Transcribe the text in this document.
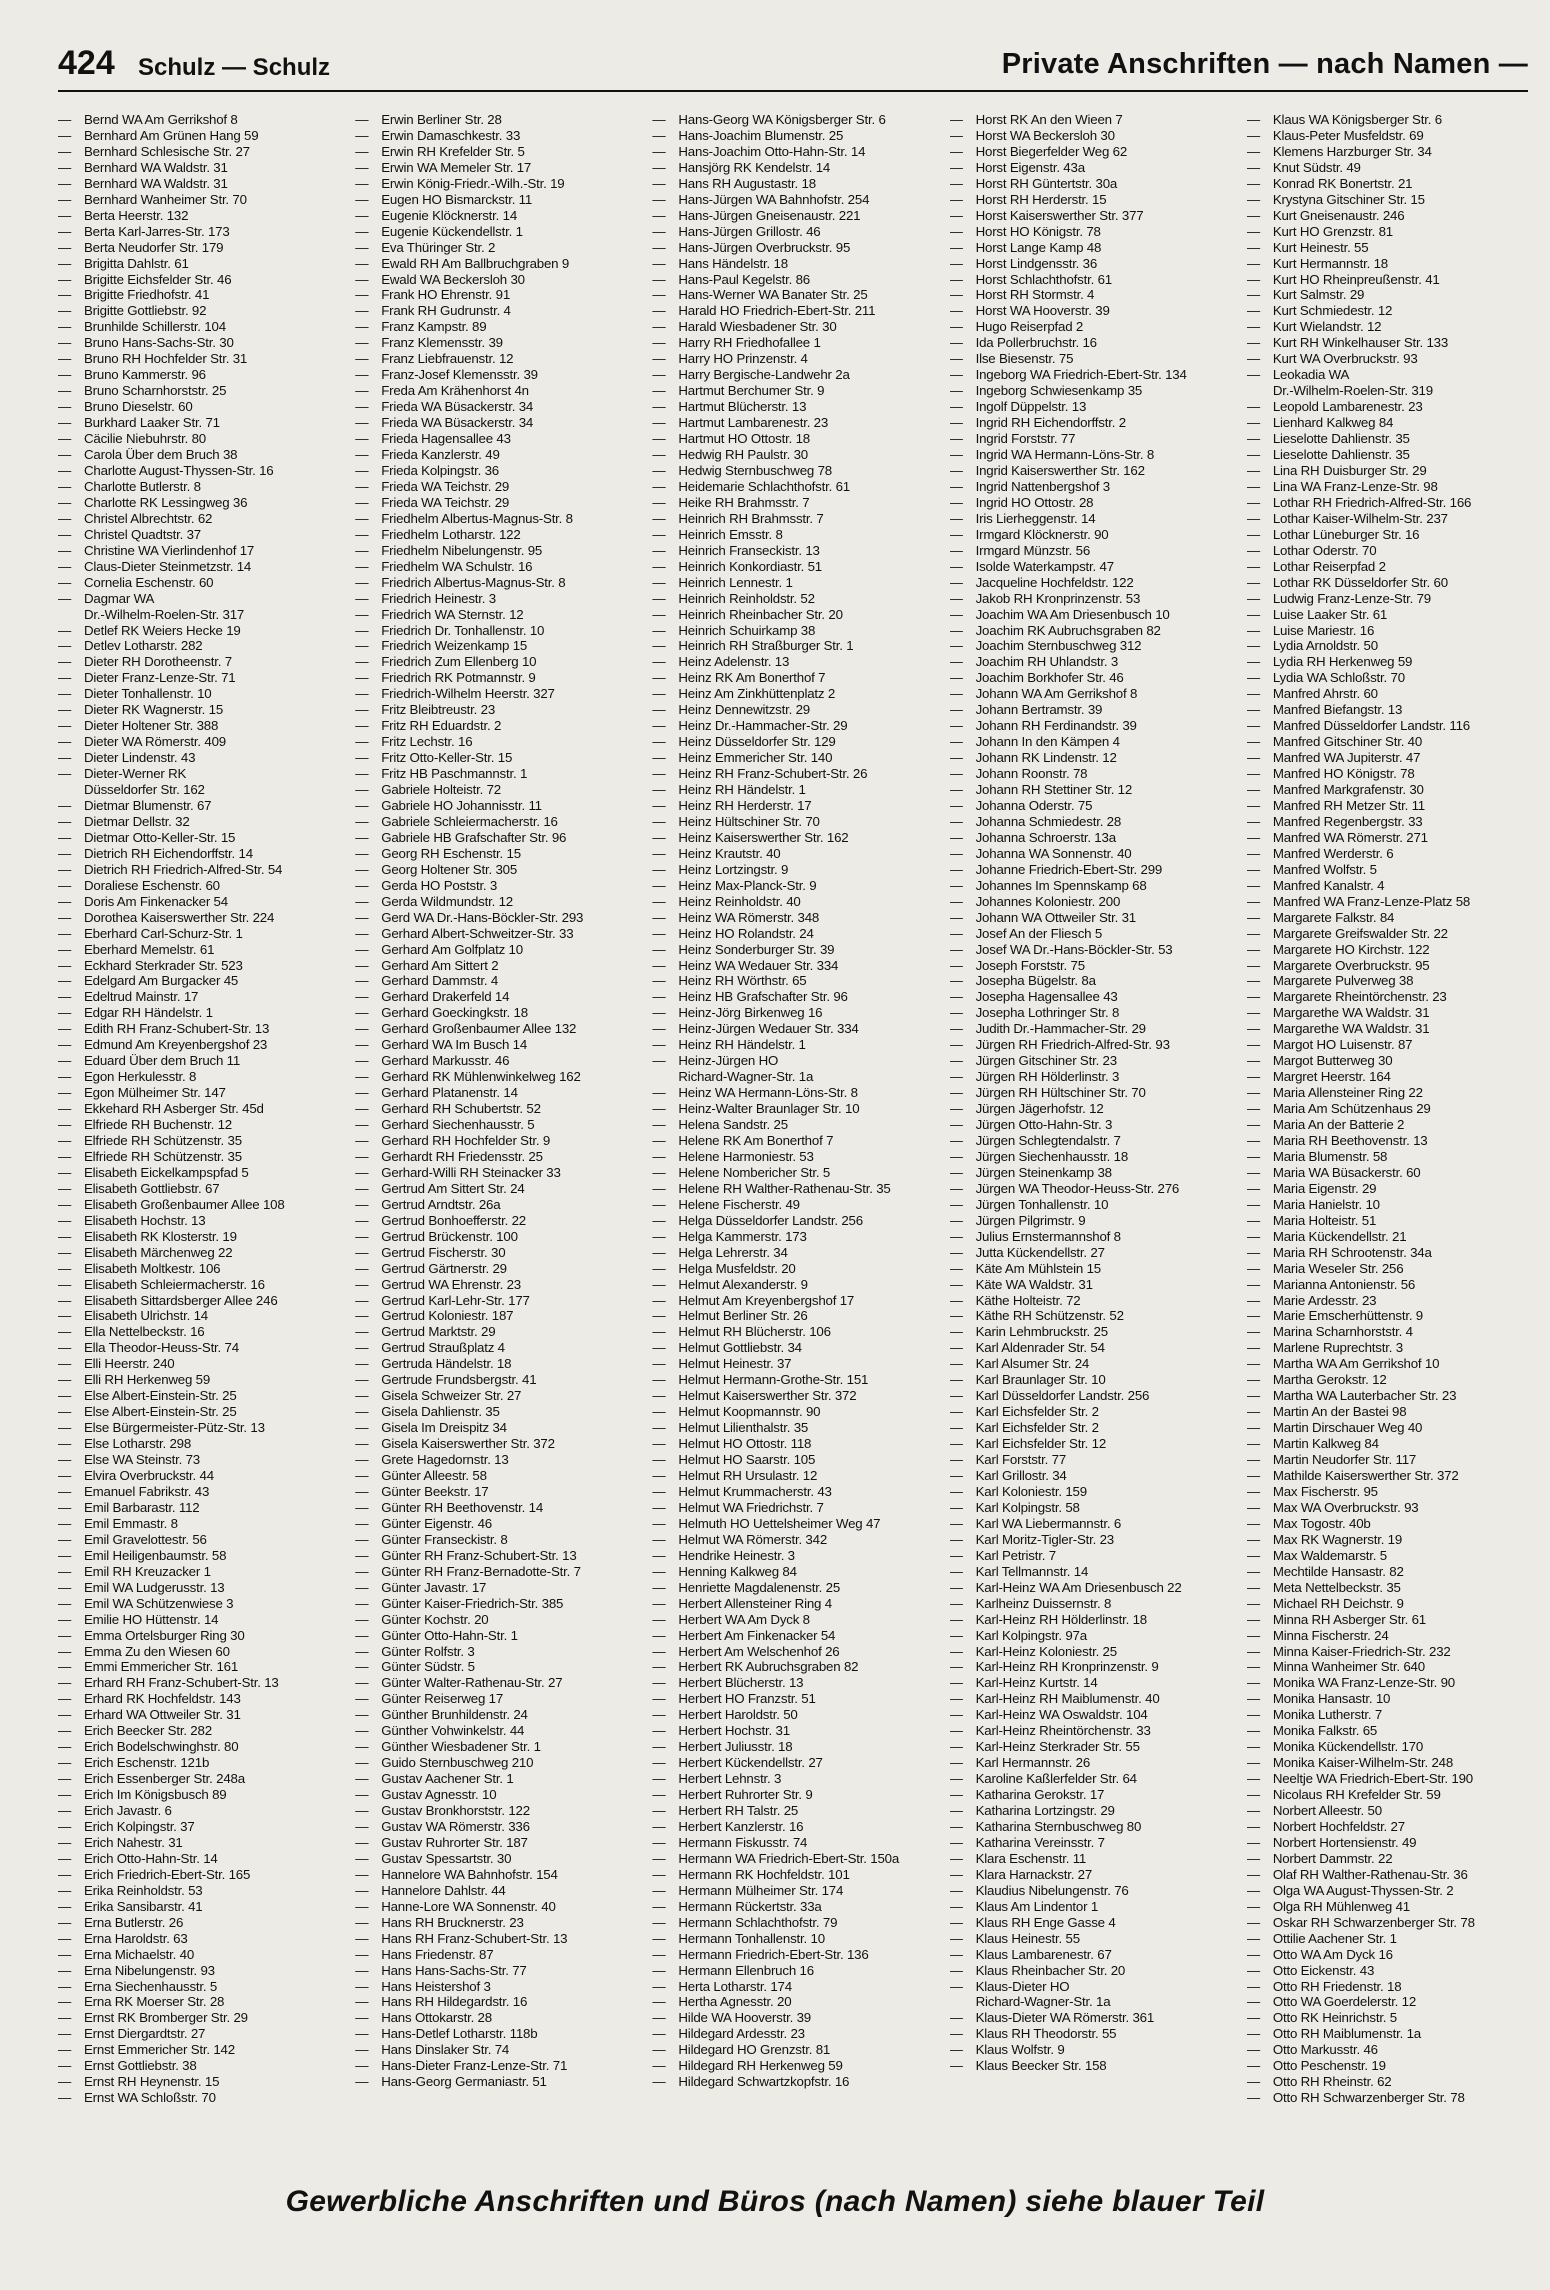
424 Schulz — Schulz	Private Anschriften — nach Namen —
— Bernd WA Am Gerrikshof 8
— Bernhard Am Grünen Hang 59
— Bernhard Schlesische Str. 27
— Bernhard WA Waldstr. 31
— Bernhard WA Waldstr. 31
— Bernhard Wanheimer Str. 70
— Berta Heerstr. 132
— Berta Karl-Jarres-Str. 173
— Berta Neudorfer Str. 179
— Brigitta Dahlstr. 61
— Brigitte Eichsfelder Str. 46
— Brigitte Friedhofstr. 41
— Brigitte Gottliebstr. 92
— Brunhilde Schillerstr. 104
— Bruno Hans-Sachs-Str. 30
— Bruno RH Hochfelder Str. 31
— Bruno Kammerstr. 96
— Bruno Scharnhorststr. 25
— Bruno Dieselstr. 60
— Burkhard Laaker Str. 71
— Cäcilie Niebuhrstr. 80
— Carola Über dem Bruch 38
— Charlotte August-Thyssen-Str. 16
— Charlotte Butlerstr. 8
— Charlotte RK Lessingweg 36
— Christel Albrechtstr. 62
— Christel Quadtstr. 37
— Christine WA Vierlindenhof 17
— Claus-Dieter Steinmetzstr. 14
— Cornelia Eschenstr. 60
— Dagmar WA
Dr.-Wilhelm-Roelen-Str. 317
— Detlef RK Weiers Hecke 19
— Detlev Lotharstr. 282
— Dieter RH Dorotheenstr. 7
— Dieter Franz-Lenze-Str. 71
— Dieter Tonhallenstr. 10
— Dieter RK Wagnerstr. 15
— Dieter Holtener Str. 388
— Dieter WA Römerstr. 409
— Dieter Lindenstr. 43
— Dieter-Werner RK
Düsseldorfer Str. 162
— Dietmar Blumenstr. 67
— Dietmar Dellstr. 32
— Dietmar Otto-Keller-Str. 15
— Dietrich RH Eichendorffstr. 14
— Dietrich RH Friedrich-Alfred-Str. 54
— Doraliese Eschenstr. 60
— Doris Am Finkenacker 54
— Dorothea Kaiserswerther Str. 224
— Eberhard Carl-Schurz-Str. 1
— Eberhard Memelstr. 61
— Eckhard Sterkrader Str. 523
— Edelgard Am Burgacker 45
— Edeltrud Mainstr. 17
— Edgar RH Händelstr. 1
— Edith RH Franz-Schubert-Str. 13
— Edmund Am Kreyenbergshof 23
— Eduard Über dem Bruch 11
— Egon Herkulesstr. 8
— Egon Mülheimer Str. 147
— Ekkehard RH Asberger Str. 45d
— Elfriede RH Buchenstr. 12
— Elfriede RH Schützenstr. 35
— Elfriede RH Schützenstr. 35
— Elisabeth Eickelkampspfad 5
— Elisabeth Gottliebstr. 67
— Elisabeth Großenbaumer Allee 108
— Elisabeth Hochstr. 13
— Elisabeth RK Klosterstr. 19
— Elisabeth Märchenweg 22
— Elisabeth Moltkestr. 106
— Elisabeth Schleiermacherstr. 16
— Elisabeth Sittardsberger Allee 246
— Elisabeth Ulrichstr. 14
— Ella Nettelbeckstr. 16
— Ella Theodor-Heuss-Str. 74
— Elli Heerstr. 240
— Elli RH Herkenweg 59
— Else Albert-Einstein-Str. 25
— Else Albert-Einstein-Str. 25
— Else Bürgermeister-Pütz-Str. 13
— Else Lotharstr. 298
— Else WA Steinstr. 73
— Elvira Overbruckstr. 44
— Emanuel Fabrikstr. 43
— Emil Barbarastr. 112
— Emil Emmastr. 8
— Emil Gravelottestr. 56
— Emil Heiligenbaumstr. 58
— Emil RH Kreuzacker 1
— Emil WA Ludgerusstr. 13
— Emil WA Schützenwiese 3
— Emilie HO Hüttenstr. 14
— Emma Ortelsburger Ring 30
— Emma Zu den Wiesen 60
— Emmi Emmericher Str. 161
— Erhard RH Franz-Schubert-Str. 13
— Erhard RK Hochfeldstr. 143
— Erhard WA Ottweiler Str. 31
— Erich Beecker Str. 282
— Erich Bodelschwinghstr. 80
— Erich Eschenstr. 121b
— Erich Essenberger Str. 248a
— Erich Im Königsbusch 89
— Erich Javastr. 6
— Erich Kolpingstr. 37
— Erich Nahestr. 31
— Erich Otto-Hahn-Str. 14
— Erich Friedrich-Ebert-Str. 165
— Erika Reinholdstr. 53
— Erika Sansibarstr. 41
— Erna Butlerstr. 26
— Erna Haroldstr. 63
— Erna Michaelstr. 40
— Erna Nibelungenstr. 93
— Erna Siechenhausstr. 5
— Erna RK Moerser Str. 28
— Ernst RK Bromberger Str. 29
— Ernst Diergardtstr. 27
— Ernst Emmericher Str. 142
— Ernst Gottliebstr. 38
— Ernst RH Heynenstr. 15
— Ernst WA Schloßstr. 70
— Erwin Berliner Str. 28
— Erwin Damaschkestr. 33
— Erwin RH Krefelder Str. 5
— Erwin WA Memeler Str. 17
— Erwin König-Friedr.-Wilh.-Str. 19
— Eugen HO Bismarckstr. 11
— Eugenie Klöcknerstr. 14
— Eugenie Kückendellstr. 1
— Eva Thüringer Str. 2
— Ewald RH Am Ballbruchgraben 9
— Ewald WA Beckersloh 30
— Frank HO Ehrenstr. 91
— Frank RH Gudrunstr. 4
— Franz Kampstr. 89
— Franz Klemensstr. 39
— Franz Liebfrauenstr. 12
— Franz-Josef Klemensstr. 39
— Freda Am Krähenhorst 4n
— Frieda WA Büsackerstr. 34
— Frieda WA Büsackerstr. 34
— Frieda Hagensallee 43
— Frieda Kanzlerstr. 49
— Frieda Kolpingstr. 36
— Frieda WA Teichstr. 29
— Frieda WA Teichstr. 29
— Friedhelm Albertus-Magnus-Str. 8
— Friedhelm Lotharstr. 122
— Friedhelm Nibelungenstr. 95
— Friedhelm WA Schulstr. 16
— Friedrich Albertus-Magnus-Str. 8
— Friedrich Heinestr. 3
— Friedrich WA Sternstr. 12
— Friedrich Dr. Tonhallenstr. 10
— Friedrich Weizenkamp 15
— Friedrich Zum Ellenberg 10
— Friedrich RK Potmannstr. 9
— Friedrich-Wilhelm Heerstr. 327
— Fritz Bleibtreustr. 23
— Fritz RH Eduardstr. 2
— Fritz Lechstr. 16
— Fritz Otto-Keller-Str. 15
— Fritz HB Paschmannstr. 1
— Gabriele Holteistr. 72
— Gabriele HO Johannisstr. 11
— Gabriele Schleiermacherstr. 16
— Gabriele HB Grafschafter Str. 96
— Georg RH Eschenstr. 15
— Georg Holtener Str. 305
— Gerda HO Poststr. 3
— Gerda Wildmundstr. 12
— Gerd WA Dr.-Hans-Böckler-Str. 293
— Gerhard Albert-Schweitzer-Str. 33
— Gerhard Am Golfplatz 10
— Gerhard Am Sittert 2
— Gerhard Dammstr. 4
— Gerhard Drakerfeld 14
— Gerhard Goeckingkstr. 18
— Gerhard Großenbaumer Allee 132
— Gerhard WA Im Busch 14
— Gerhard Markusstr. 46
— Gerhard RK Mühlenwinkelweg 162
— Gerhard Platanenstr. 14
— Gerhard RH Schubertstr. 52
— Gerhard Siechenhausstr. 5
— Gerhard RH Hochfelder Str. 9
— Gerhardt RH Friedensstr. 25
— Gerhard-Willi RH Steinacker 33
— Gertrud Am Sittert Str. 24
— Gertrud Arndtstr. 26a
— Gertrud Bonhoefferstr. 22
— Gertrud Brückenstr. 100
— Gertrud Fischerstr. 30
— Gertrud Gärtnerstr. 29
— Gertrud WA Ehrenstr. 23
— Gertrud Karl-Lehr-Str. 177
— Gertrud Koloniestr. 187
— Gertrud Marktstr. 29
— Gertrud Straußplatz 4
— Gertruda Händelstr. 18
— Gertrude Frundsbergstr. 41
— Gisela Schweizer Str. 27
— Gisela Dahlienstr. 35
— Gisela Im Dreispitz 34
— Gisela Kaiserswerther Str. 372
— Grete Hagedornstr. 13
— Günter Alleestr. 58
— Günter Beekstr. 17
— Günter RH Beethovenstr. 14
— Günter Eigenstr. 46
— Günter Franseckistr. 8
— Günter RH Franz-Schubert-Str. 13
— Günter RH Franz-Bernadotte-Str. 7
— Günter Javastr. 17
— Günter Kaiser-Friedrich-Str. 385
— Günter Kochstr. 20
— Günter Otto-Hahn-Str. 1
— Günter Rolfstr. 3
— Günter Südstr. 5
— Günter Walter-Rathenau-Str. 27
— Günter Reiserweg 17
— Günther Brunhildenstr. 24
— Günther Vohwinkelstr. 44
— Günther Wiesbadener Str. 1
— Guido Sternbuschweg 210
— Gustav Aachener Str. 1
— Gustav Agnesstr. 10
— Gustav Bronkhorststr. 122
— Gustav WA Römerstr. 336
— Gustav Ruhrorter Str. 187
— Gustav Spessartstr. 30
— Hannelore WA Bahnhofstr. 154
— Hannelore Dahlstr. 44
— Hanne-Lore WA Sonnenstr. 40
— Hans RH Brucknerstr. 23
— Hans RH Franz-Schubert-Str. 13
— Hans Friedenstr. 87
— Hans Hans-Sachs-Str. 77
— Hans Heistershof 3
— Hans RH Hildegardstr. 16
— Hans Ottokarstr. 28
— Hans-Detlef Lotharstr. 118b
— Hans Dinslaker Str. 74
— Hans-Dieter Franz-Lenze-Str. 71
— Hans-Georg Germaniastr. 51
— Hans-Georg WA Königsberger Str. 6
— Hans-Joachim Blumenstr. 25
— Hans-Joachim Otto-Hahn-Str. 14
— Hansjörg RK Kendelstr. 14
— Hans RH Augustastr. 18
— Hans-Jürgen WA Bahnhofstr. 254
— Hans-Jürgen Gneisenaustr. 221
— Hans-Jürgen Grillostr. 46
— Hans-Jürgen Overbruckstr. 95
— Hans Händelstr. 18
— Hans-Paul Kegelstr. 86
— Hans-Werner WA Banater Str. 25
— Harald HO Friedrich-Ebert-Str. 211
— Harald Wiesbadener Str. 30
— Harry RH Friedhofallee 1
— Harry HO Prinzenstr. 4
— Harry Bergische-Landwehr 2a
— Hartmut Berchumer Str. 9
— Hartmut Blücherstr. 13
— Hartmut Lambarenestr. 23
— Hartmut HO Ottostr. 18
— Hedwig RH Paulstr. 30
— Hedwig Sternbuschweg 78
— Heidemarie Schlachthofstr. 61
— Heike RH Brahmsstr. 7
— Heinrich RH Brahmsstr. 7
— Heinrich Emsstr. 8
— Heinrich Franseckistr. 13
— Heinrich Konkordiastr. 51
— Heinrich Lennestr. 1
— Heinrich Reinholdstr. 52
— Heinrich Rheinbacher Str. 20
— Heinrich Schuirkamp 38
— Heinrich RH Straßburger Str. 1
— Heinz Adelenstr. 13
— Heinz RK Am Bonerthof 7
— Heinz Am Zinkhüttenplatz 2
— Heinz Dennewitzstr. 29
— Heinz Dr.-Hammacher-Str. 29
— Heinz Düsseldorfer Str. 129
— Heinz Emmericher Str. 140
— Heinz RH Franz-Schubert-Str. 26
— Heinz RH Händelstr. 1
— Heinz RH Herderstr. 17
— Heinz Hültschiner Str. 70
— Heinz Kaiserswerther Str. 162
— Heinz Krautstr. 40
— Heinz Lortzingstr. 9
— Heinz Max-Planck-Str. 9
— Heinz Reinholdstr. 40
— Heinz WA Römerstr. 348
— Heinz HO Rolandstr. 24
— Heinz Sonderburger Str. 39
— Heinz WA Wedauer Str. 334
— Heinz RH Wörthstr. 65
— Heinz HB Grafschafter Str. 96
— Heinz-Jörg Birkenweg 16
— Heinz-Jürgen Wedauer Str. 334
— Heinz RH Händelstr. 1
— Heinz-Jürgen HO
Richard-Wagner-Str. 1a
— Heinz WA Hermann-Löns-Str. 8
— Heinz-Walter Braunlager Str. 10
— Helena Sandstr. 25
— Helene RK Am Bonerthof 7
— Helene Harmoniestr. 53
— Helene Nombericher Str. 5
— Helene RH Walther-Rathenau-Str. 35
— Helene Fischerstr. 49
— Helga Düsseldorfer Landstr. 256
— Helga Kammerstr. 173
— Helga Lehrerstr. 34
— Helga Musfeldstr. 20
— Helmut Alexanderstr. 9
— Helmut Am Kreyenbergshof 17
— Helmut Berliner Str. 26
— Helmut RH Blücherstr. 106
— Helmut Gottliebstr. 34
— Helmut Heinestr. 37
— Helmut Hermann-Grothe-Str. 151
— Helmut Kaiserswerther Str. 372
— Helmut Koopmannstr. 90
— Helmut Lilienthalstr. 35
— Helmut HO Ottostr. 118
— Helmut HO Saarstr. 105
— Helmut RH Ursulastr. 12
— Helmut Krummacherstr. 43
— Helmut WA Friedrichstr. 7
— Helmuth HO Uettelsheimer Weg 47
— Helmut WA Römerstr. 342
— Hendrike Heinestr. 3
— Henning Kalkweg 84
— Henriette Magdalenenstr. 25
— Herbert Allensteiner Ring 4
— Herbert WA Am Dyck 8
— Herbert Am Finkenacker 54
— Herbert Am Welschenhof 26
— Herbert RK Aubruchsgraben 82
— Herbert Blücherstr. 13
— Herbert HO Franzstr. 51
— Herbert Haroldstr. 50
— Herbert Hochstr. 31
— Herbert Juliusstr. 18
— Herbert Kückendellstr. 27
— Herbert Lehnstr. 3
— Herbert Ruhrorter Str. 9
— Herbert RH Talstr. 25
— Herbert Kanzlerstr. 16
— Hermann Fiskusstr. 74
— Hermann WA Friedrich-Ebert-Str. 150a
— Hermann RK Hochfeldstr. 101
— Hermann Mülheimer Str. 174
— Hermann Rückertstr. 33a
— Hermann Schlachthofstr. 79
— Hermann Tonhallenstr. 10
— Hermann Friedrich-Ebert-Str. 136
— Hermann Ellenbruch 16
— Herta Lotharstr. 174
— Hertha Agnesstr. 20
— Hilde WA Hooverstr. 39
— Hildegard Ardesstr. 23
— Hildegard HO Grenzstr. 81
— Hildegard RH Herkenweg 59
— Hildegard Schwartzkopfstr. 16
— Horst RK An den Wieen 7
— Horst WA Beckersloh 30
— Horst Biegerfelder Weg 62
— Horst Eigenstr. 43a
— Horst RH Güntertstr. 30a
— Horst RH Herderstr. 15
— Horst Kaiserswerther Str. 377
— Horst HO Königstr. 78
— Horst Lange Kamp 48
— Horst Lindgensstr. 36
— Horst Schlachthofstr. 61
— Horst RH Stormstr. 4
— Horst WA Hooverstr. 39
— Hugo Reiserpfad 2
— Ida Pollerbruchstr. 16
— Ilse Biesenstr. 75
— Ingeborg WA Friedrich-Ebert-Str. 134
— Ingeborg Schwiesenkamp 35
— Ingolf Düppelstr. 13
— Ingrid RH Eichendorffstr. 2
— Ingrid Forststr. 77
— Ingrid WA Hermann-Löns-Str. 8
— Ingrid Kaiserswerther Str. 162
— Ingrid Nattenbergshof 3
— Ingrid HO Ottostr. 28
— Iris Lierheggenstr. 14
— Irmgard Klöcknerstr. 90
— Irmgard Münzstr. 56
— Isolde Waterkampstr. 47
— Jacqueline Hochfeldstr. 122
— Jakob RH Kronprinzenstr. 53
— Joachim WA Am Driesenbusch 10
— Joachim RK Aubruchsgraben 82
— Joachim Sternbuschweg 312
— Joachim RH Uhlandstr. 3
— Joachim Borkhofer Str. 46
— Johann WA Am Gerrikshof 8
— Johann Bertramstr. 39
— Johann RH Ferdinandstr. 39
— Johann In den Kämpen 4
— Johann RK Lindenstr. 12
— Johann Roonstr. 78
— Johann RH Stettiner Str. 12
— Johanna Oderstr. 75
— Johanna Schmiedestr. 28
— Johanna Schroerstr. 13a
— Johanna WA Sonnenstr. 40
— Johanne Friedrich-Ebert-Str. 299
— Johannes Im Spennskamp 68
— Johannes Koloniestr. 200
— Johann WA Ottweiler Str. 31
— Josef An der Fliesch 5
— Josef WA Dr.-Hans-Böckler-Str. 53
— Joseph Forststr. 75
— Josepha Bügelstr. 8a
— Josepha Hagensallee 43
— Josepha Lothringer Str. 8
— Judith Dr.-Hammacher-Str. 29
— Jürgen RH Friedrich-Alfred-Str. 93
— Jürgen Gitschiner Str. 23
— Jürgen RH Hölderlinstr. 3
— Jürgen RH Hültschiner Str. 70
— Jürgen Jägerhofstr. 12
— Jürgen Otto-Hahn-Str. 3
— Jürgen Schlegtendalstr. 7
— Jürgen Siechenhausstr. 18
— Jürgen Steinenkamp 38
— Jürgen WA Theodor-Heuss-Str. 276
— Jürgen Tonhallenstr. 10
— Jürgen Pilgrimstr. 9
— Julius Ernstermannshof 8
— Jutta Kückendellstr. 27
— Käte Am Mühlstein 15
— Käte WA Waldstr. 31
— Käthe Holteistr. 72
— Käthe RH Schützenstr. 52
— Karin Lehmbruckstr. 25
— Karl Aldenrader Str. 54
— Karl Alsumer Str. 24
— Karl Braunlager Str. 10
— Karl Düsseldorfer Landstr. 256
— Karl Eichsfelder Str. 2
— Karl Eichsfelder Str. 2
— Karl Eichsfelder Str. 12
— Karl Forststr. 77
— Karl Grillostr. 34
— Karl Koloniestr. 159
— Karl Kolpingstr. 58
— Karl WA Liebermannstr. 6
— Karl Moritz-Tigler-Str. 23
— Karl Petristr. 7
— Karl Tellmannstr. 14
— Karl-Heinz WA Am Driesenbusch 22
— Karlheinz Duissernstr. 8
— Karl-Heinz RH Hölderlinstr. 18
— Karl Kolpingstr. 97a
— Karl-Heinz Koloniestr. 25
— Karl-Heinz RH Kronprinzenstr. 9
— Karl-Heinz Kurtstr. 14
— Karl-Heinz RH Maiblumenstr. 40
— Karl-Heinz WA Oswaldstr. 104
— Karl-Heinz Rheintörchenstr. 33
— Karl-Heinz Sterkrader Str. 55
— Karl Hermannstr. 26
— Karoline Kaßlerfelder Str. 64
— Katharina Gerokstr. 17
— Katharina Lortzingstr. 29
— Katharina Sternbuschweg 80
— Katharina Vereinsstr. 7
— Klara Eschenstr. 11
— Klara Harnackstr. 27
— Klaudius Nibelungenstr. 76
— Klaus Am Lindentor 1
— Klaus RH Enge Gasse 4
— Klaus Heinestr. 55
— Klaus Lambarenestr. 67
— Klaus Rheinbacher Str. 20
— Klaus-Dieter HO
Richard-Wagner-Str. 1a
— Klaus-Dieter WA Römerstr. 361
— Klaus RH Theodorstr. 55
— Klaus Wolfstr. 9
— Klaus Beecker Str. 158
— Klaus WA Königsberger Str. 6
— Klaus-Peter Musfeldstr. 69
— Klemens Harzburger Str. 34
— Knut Südstr. 49
— Konrad RK Bonertstr. 21
— Krystyna Gitschiner Str. 15
— Kurt Gneisenaustr. 246
— Kurt HO Grenzstr. 81
— Kurt Heinestr. 55
— Kurt Hermannstr. 18
— Kurt HO Rheinpreußenstr. 41
— Kurt Salmstr. 29
— Kurt Schmiedestr. 12
— Kurt Wielandstr. 12
— Kurt RH Winkelhauser Str. 133
— Kurt WA Overbruckstr. 93
— Leokadia WA
Dr.-Wilhelm-Roelen-Str. 319
— Leopold Lambarenestr. 23
— Lienhard Kalkweg 84
— Lieselotte Dahlienstr. 35
— Lieselotte Dahlienstr. 35
— Lina RH Duisburger Str. 29
— Lina WA Franz-Lenze-Str. 98
— Lothar RH Friedrich-Alfred-Str. 166
— Lothar Kaiser-Wilhelm-Str. 237
— Lothar Lüneburger Str. 16
— Lothar Oderstr. 70
— Lothar Reiserpfad 2
— Lothar RK Düsseldorfer Str. 60
— Ludwig Franz-Lenze-Str. 79
— Luise Laaker Str. 61
— Luise Mariestr. 16
— Lydia Arnoldstr. 50
— Lydia RH Herkenweg 59
— Lydia WA Schloßstr. 70
— Manfred Ahrstr. 60
— Manfred Biefangstr. 13
— Manfred Düsseldorfer Landstr. 116
— Manfred Gitschiner Str. 40
— Manfred WA Jupiterstr. 47
— Manfred HO Königstr. 78
— Manfred Markgrafenstr. 30
— Manfred RH Metzer Str. 11
— Manfred Regenbergstr. 33
— Manfred WA Römerstr. 271
— Manfred Werderstr. 6
— Manfred Wolfstr. 5
— Manfred Kanalstr. 4
— Manfred WA Franz-Lenze-Platz 58
— Margarete Falkstr. 84
— Margarete Greifswalder Str. 22
— Margarete HO Kirchstr. 122
— Margarete Overbruckstr. 95
— Margarete Pulverweg 38
— Margarete Rheintörchenstr. 23
— Margarethe WA Waldstr. 31
— Margarethe WA Waldstr. 31
— Margot HO Luisenstr. 87
— Margot Butterweg 30
— Margret Heerstr. 164
— Maria Allensteiner Ring 22
— Maria Am Schützenhaus 29
— Maria An der Batterie 2
— Maria RH Beethovenstr. 13
— Maria Blumenstr. 58
— Maria WA Büsackerstr. 60
— Maria Eigenstr. 29
— Maria Hanielstr. 10
— Maria Holteistr. 51
— Maria Kückendellstr. 21
— Maria RH Schrootenstr. 34a
— Maria Weseler Str. 256
— Marianna Antonienstr. 56
— Marie Ardesstr. 23
— Marie Emscherhüttenstr. 9
— Marina Scharnhorststr. 4
— Marlene Ruprechtstr. 3
— Martha WA Am Gerrikshof 10
— Martha Gerokstr. 12
— Martha WA Lauterbacher Str. 23
— Martin An der Bastei 98
— Martin Dirschauer Weg 40
— Martin Kalkweg 84
— Martin Neudorfer Str. 117
— Mathilde Kaiserswerther Str. 372
— Max Fischerstr. 95
— Max WA Overbruckstr. 93
— Max Togostr. 40b
— Max RK Wagnerstr. 19
— Max Waldemarstr. 5
— Mechtilde Hansastr. 82
— Meta Nettelbeckstr. 35
— Michael RH Deichstr. 9
— Minna RH Asberger Str. 61
— Minna Fischerstr. 24
— Minna Kaiser-Friedrich-Str. 232
— Minna Wanheimer Str. 640
— Monika WA Franz-Lenze-Str. 90
— Monika Hansastr. 10
— Monika Lutherstr. 7
— Monika Falkstr. 65
— Monika Kückendellstr. 170
— Monika Kaiser-Wilhelm-Str. 248
— Neeltje WA Friedrich-Ebert-Str. 190
— Nicolaus RH Krefelder Str. 59
— Norbert Alleestr. 50
— Norbert Hochfeldstr. 27
— Norbert Hortensienstr. 49
— Norbert Dammstr. 22
— Olaf RH Walther-Rathenau-Str. 36
— Olga WA August-Thyssen-Str. 2
— Olga RH Mühlenweg 41
— Oskar RH Schwarzenberger Str. 78
— Ottilie Aachener Str. 1
— Otto WA Am Dyck 16
— Otto Eickenstr. 43
— Otto RH Friedenstr. 18
— Otto WA Goerdelerstr. 12
— Otto RK Heinrichstr. 5
— Otto RH Maiblumenstr. 1a
— Otto Markusstr. 46
— Otto Peschenstr. 19
— Otto RH Rheinstr. 62
— Otto RH Schwarzenberger Str. 78
Gewerbliche Anschriften und Büros (nach Namen) siehe blauer Teil
